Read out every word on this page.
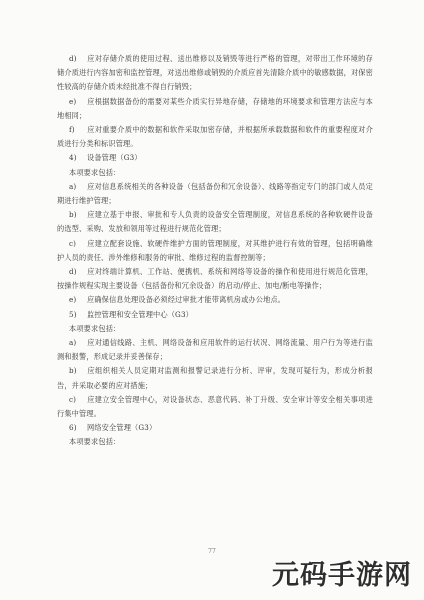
d) 应对存储介质的使用过程、送出维修以及销毁等进行严格的管理，对带出工作环境的存储介质进行内容加密和监控管理，对送出维修或销毁的介质应首先清除介质中的敏感数据，对保密性较高的存储介质未经批准不得自行销毁；

e) 应根据数据备份的需要对某些介质实行异地存储，存储地的环境要求和管理方法应与本地相同；

f) 应对重要介质中的数据和软件采取加密存储，并根据所承载数据和软件的重要程度对介质进行分类和标识管理。

4) 设备管理（G3）

本项要求包括：

a) 应对信息系统相关的各种设备（包括备份和冗余设备）、线路等指定专门的部门或人员定期进行维护管理；

b) 应建立基于申报、审批和专人负责的设备安全管理制度，对信息系统的各种软硬件设备的选型、采购、发放和领用等过程进行规范化管理；

c) 应建立配套设施、软硬件维护方面的管理制度，对其维护进行有效的管理，包括明确维护人员的责任、涉外维修和服务的审批、维修过程的监督控制等；

d) 应对终端计算机、工作站、便携机、系统和网络等设备的操作和使用进行规范化管理，按操作规程实现主要设备（包括备份和冗余设备）的启动/停止、加电/断电等操作；

e) 应确保信息处理设备必须经过审批才能带离机房或办公地点。

5) 监控管理和安全管理中心（G3）

本项要求包括：

a) 应对通信线路、主机、网络设备和应用软件的运行状况、网络流量、用户行为等进行监测和报警，形成记录并妥善保存；

b) 应组织相关人员定期对监测和报警记录进行分析、评审，发现可疑行为，形成分析报告，并采取必要的应对措施；

c) 应建立安全管理中心，对设备状态、恶意代码、补丁升级、安全审计等安全相关事项进行集中管理。

6) 网络安全管理（G3）

本项要求包括：

77
元码手游网
